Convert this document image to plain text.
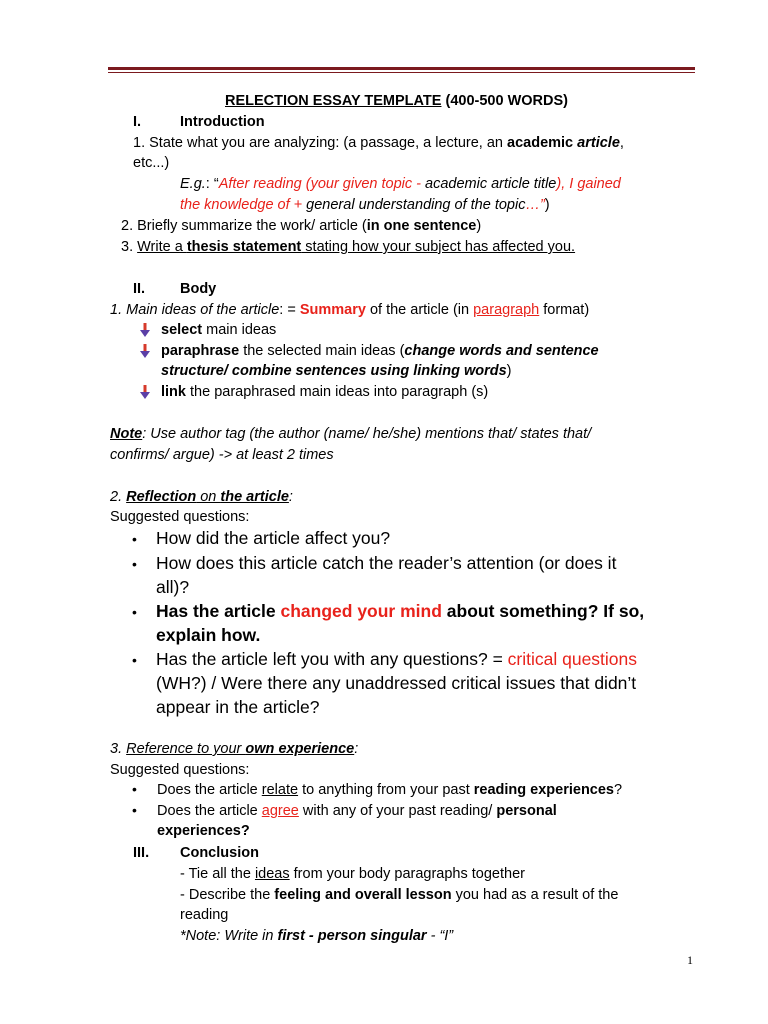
RELECTION ESSAY TEMPLATE (400-500 WORDS)
I.	Introduction
1. State what you are analyzing: (a passage, a lecture, an academic article,
etc...)
E.g.: “After reading (your given topic - academic article title), I gained
the knowledge of + general understanding of the topic…”)
2. Briefly summarize the work/ article (in one sentence)
3. Write a thesis statement stating how your subject has affected you.
II. Body
1. Main ideas of the article: = Summary of the article (in paragraph format)
select main ideas
paraphrase the selected main ideas (change words and sentence
structure/ combine sentences using linking words)
link the paraphrased main ideas into paragraph (s)
Note: Use author tag (the author (name/ he/she) mentions that/ states that/
confirms/ argue) -> at least 2 times
2. Reflection on the article:
Suggested questions:
• How did the article affect you?
• How does this article catch the reader’s attention (or does it
all)?
• Has the article changed your mind about something? If so,
explain how.
• Has the article left you with any questions? = critical questions
(WH?) / Were there any unaddressed critical issues that didn’t
appear in the article?
3. Reference to your own experience:
Suggested questions:
• Does the article relate to anything from your past reading experiences?
• Does the article agree with any of your past reading/ personal
experiences?
III. Conclusion
- Tie all the ideas from your body paragraphs together
- Describe the feeling and overall lesson you had as a result of the
reading
*Note: Write in first - person singular - “I”
1
